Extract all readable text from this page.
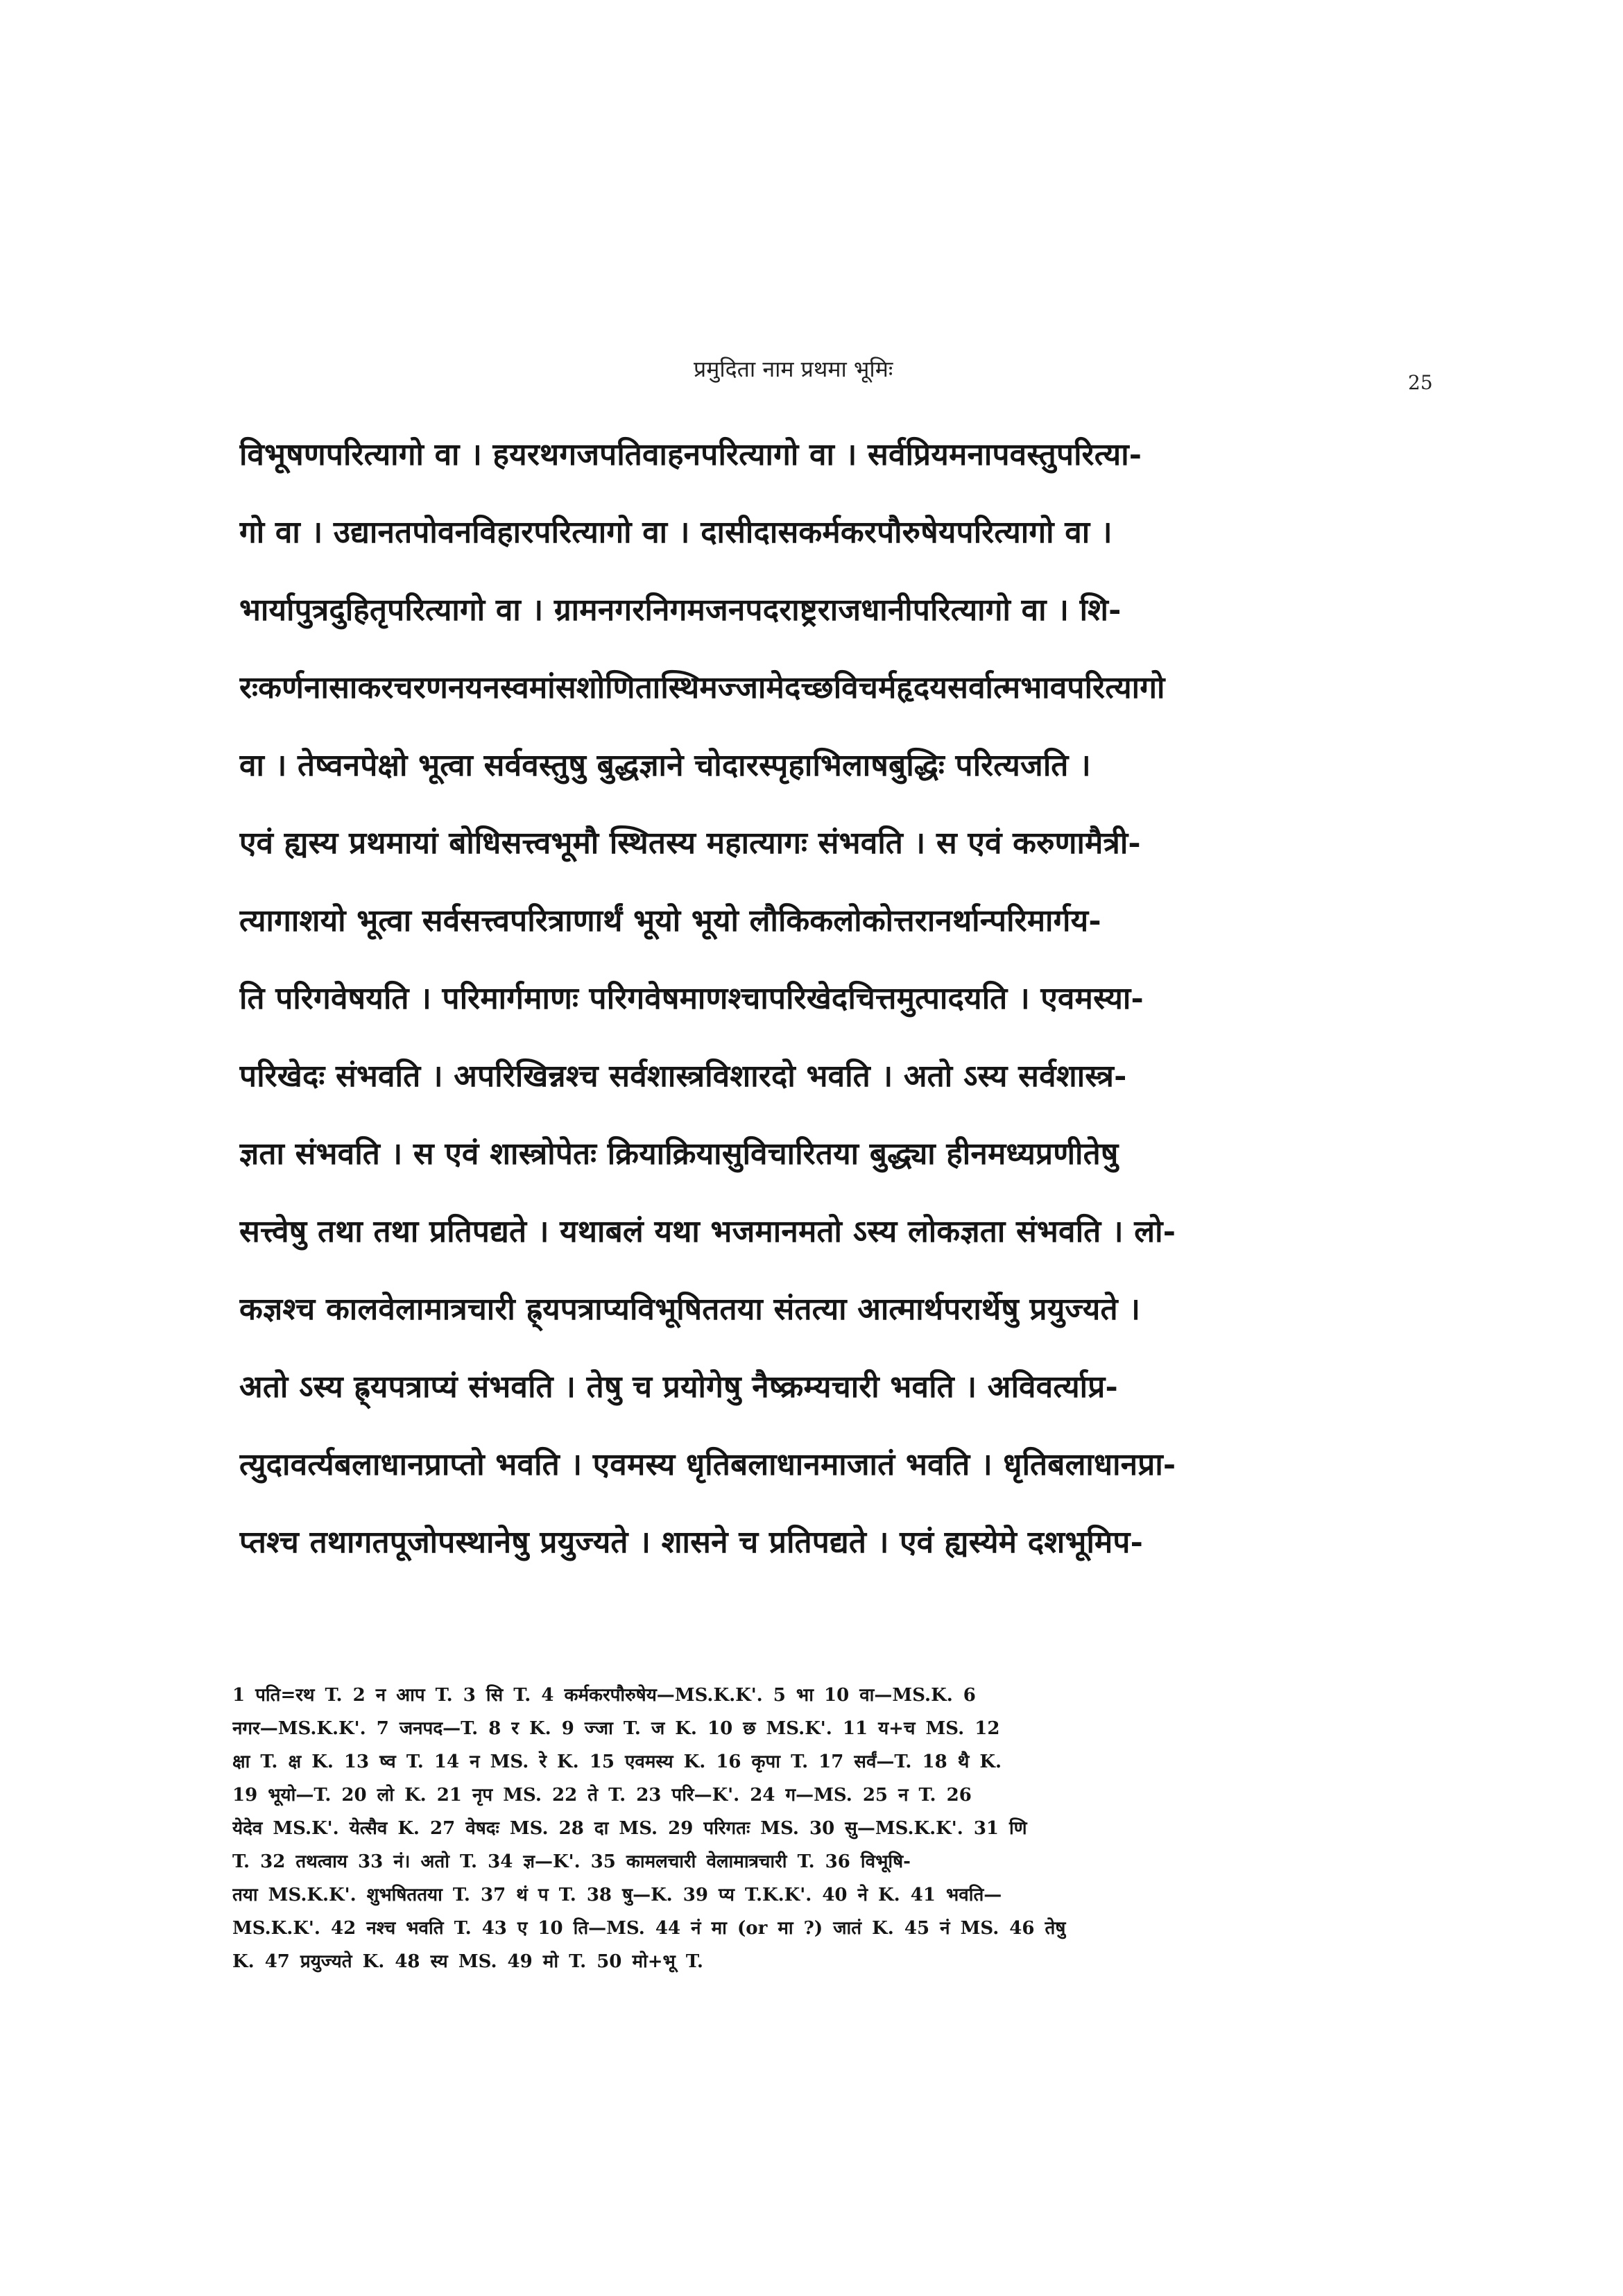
प्रमुदिता नाम प्रथमा भूमिः
25
विभूषणपरित्यागो वा । हयरथगजपतिवाहनपरित्यागो वा । सर्वप्रियमनापवस्तुपरित्या-
गो वा । उद्यानतपोवनविहारपरित्यागो वा । दासीदासकर्मकरपौरुषेयपरित्यागो वा ।
भार्यापुत्रदुहितृपरित्यागो वा । ग्रामनगरनिगमजनपदराष्ट्रराजधानीपरित्यागो वा । शि-
रःकर्णनासाकरचरणनयनस्वमांसशोणितास्थिमज्जामेदच्छविचर्महृदयसर्वात्मभावपरित्यागो
वा । तेष्वनपेक्षो भूत्वा सर्ववस्तुषु बुद्धज्ञाने चोदारस्पृहाभिलाषबुद्धिः परित्यजति ।
एवं ह्यस्य प्रथमायां बोधिसत्त्वभूमौ स्थितस्य महात्यागः संभवति । स एवं करुणामैत्री-
त्यागाशयो भूत्वा सर्वसत्त्वपरित्राणार्थं भूयो भूयो लौकिकलोकोत्तरानर्थान्परिमार्गय-
ति परिगवेषयति । परिमार्गमाणः परिगवेषमाणश्चापरिखेदचित्तमुत्पादयति । एवमस्या-
परिखेदः संभवति । अपरिखिन्नश्च सर्वशास्त्रविशारदो भवति । अतो ऽस्य सर्वशास्त्र-
ज्ञता संभवति । स एवं शास्त्रोपेतः क्रियाक्रियासुविचारितया बुद्ध्या हीनमध्यप्रणीतेषु
सत्त्वेषु तथा तथा प्रतिपद्यते । यथाबलं यथा भजमानमतो ऽस्य लोकज्ञता संभवति । लो-
कज्ञश्च कालवेलामात्रचारी ह्र्यपत्राप्यविभूषिततया संतत्या आत्मार्थपरार्थेषु प्रयुज्यते ।
अतो ऽस्य ह्र्यपत्राप्यं संभवति । तेषु च प्रयोगेषु नैष्क्रम्यचारी भवति । अविवर्त्याप्र-
त्युदावर्त्यबलाधानप्राप्तो भवति । एवमस्य धृतिबलाधानमाजातं भवति । धृतिबलाधानप्रा-
प्तश्च तथागतपूजोपस्थानेषु प्रयुज्यते । शासने च प्रतिपद्यते । एवं ह्यस्येमे दशभूमिप-
1 पति=रथ T. 2 न आप T. 3 सि T. 4 कर्मकरपौरुषेय—MS.K.K'. 5 भा 10 वा—MS.K. 6
नगर—MS.K.K'. 7 जनपद—T. 8 र K. 9 ज्जा T. ज K. 10 छ MS.K'. 11 य+च MS. 12
क्षा T. क्ष K. 13 ष्व T. 14 न MS. रे K. 15 एवमस्य K. 16 कृपा T. 17 सर्वं—T. 18 थै K.
19 भूयो—T. 20 लो K. 21 नृप MS. 22 ते T. 23 परि—K'. 24 ग—MS. 25 न T. 26
येदेव MS.K'. येत्सैव K. 27 वेषदः MS. 28 दा MS. 29 परिगतः MS. 30 सु—MS.K.K'. 31 णि
T. 32 तथत्वाय 33 नं। अतो T. 34 ज्ञ—K'. 35 कामलचारी वेलामात्रचारी T. 36 विभूषि-
तया MS.K.K'. शुभषिततया T. 37 थं प T. 38 षु—K. 39 प्य T.K.K'. 40 ने K. 41 भवति—
MS.K.K'. 42 नश्च भवति T. 43 ए 10 ति—MS. 44 नं मा (or मा ?) जातं K. 45 नं MS. 46 तेषु
K. 47 प्रयुज्यते K. 48 स्य MS. 49 मो T. 50 मो+भू T.
